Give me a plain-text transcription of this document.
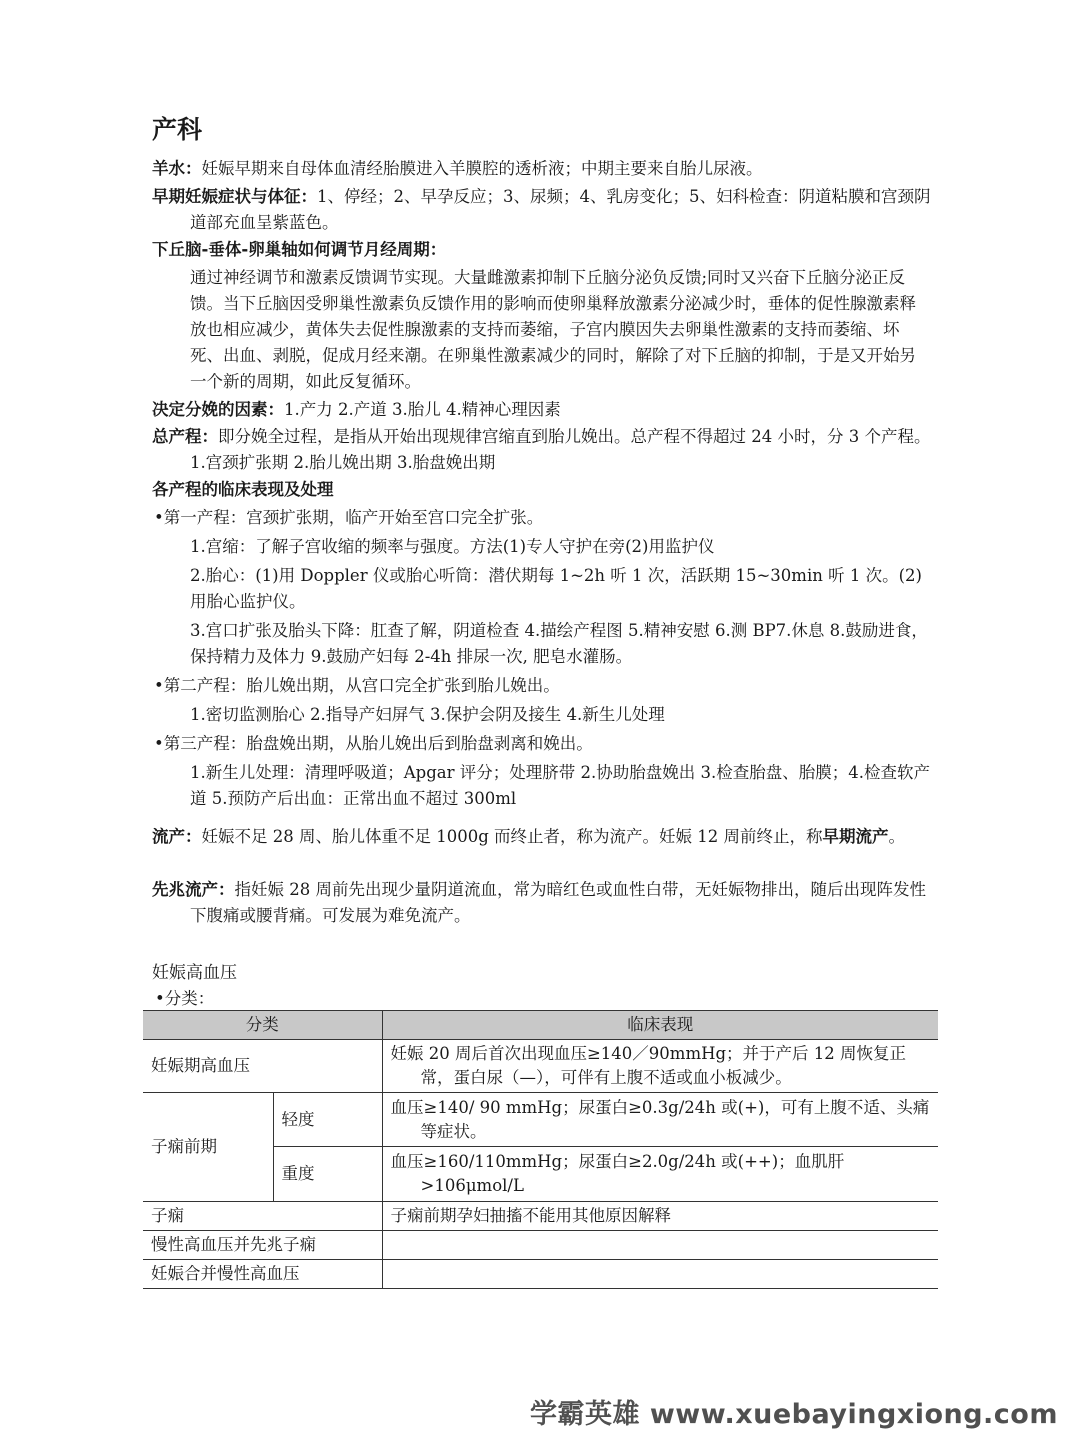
产科

羊水：妊娠早期来自母体血清经胎膜进入羊膜腔的透析液；中期主要来自胎儿尿液。

早期妊娠症状与体征：1、停经；2、早孕反应；3、尿频；4、乳房变化；5、妇科检查：阴道粘膜和宫颈阴道部充血呈紫蓝色。

下丘脑-垂体-卵巢轴如何调节月经周期：

通过神经调节和激素反馈调节实现。大量雌激素抑制下丘脑分泌负反馈;同时又兴奋下丘脑分泌正反馈。当下丘脑因受卵巢性激素负反馈作用的影响而使卵巢释放激素分泌减少时，垂体的促性腺激素释放也相应减少，黄体失去促性腺激素的支持而萎缩，子宫内膜因失去卵巢性激素的支持而萎缩、坏死、出血、剥脱，促成月经来潮。在卵巢性激素减少的同时，解除了对下丘脑的抑制，于是又开始另一个新的周期，如此反复循环。

决定分娩的因素：1.产力 2.产道 3.胎儿 4.精神心理因素

总产程：即分娩全过程，是指从开始出现规律宫缩直到胎儿娩出。总产程不得超过 24 小时，分 3 个产程。1.宫颈扩张期 2.胎儿娩出期 3.胎盘娩出期

各产程的临床表现及处理

•第一产程：宫颈扩张期，临产开始至宫口完全扩张。

1.宫缩：了解子宫收缩的频率与强度。方法(1)专人守护在旁(2)用监护仪

2.胎心：(1)用 Doppler 仪或胎心听筒：潜伏期每 1~2h 听 1 次，活跃期 15~30min 听 1 次。(2)用胎心监护仪。

3.宫口扩张及胎头下降：肛查了解，阴道检查 4.描绘产程图 5.精神安慰 6.测 BP7.休息 8.鼓励进食，保持精力及体力 9.鼓励产妇每 2-4h 排尿一次, 肥皂水灌肠。

•第二产程：胎儿娩出期，从宫口完全扩张到胎儿娩出。

1.密切监测胎心 2.指导产妇屏气 3.保护会阴及接生 4.新生儿处理

•第三产程：胎盘娩出期，从胎儿娩出后到胎盘剥离和娩出。

1.新生儿处理：清理呼吸道；Apgar 评分；处理脐带 2.协助胎盘娩出 3.检查胎盘、胎膜；4.检查软产道 5.预防产后出血：正常出血不超过 300ml

流产：妊娠不足 28 周、胎儿体重不足 1000g 而终止者，称为流产。妊娠 12 周前终止，称早期流产。

先兆流产：指妊娠 28 周前先出现少量阴道流血，常为暗红色或血性白带，无妊娠物排出，随后出现阵发性下腹痛或腰背痛。可发展为难免流产。

妊娠高血压
•分类：
分类		临床表现
妊娠期高血压		妊娠 20 周后首次出现血压≥140／90mmHg；并于产后 12 周恢复正常，蛋白尿（—），可伴有上腹不适或血小板减少。

子痫前期	轻度	血压≥140/ 90 mmHg；尿蛋白≥0.3g/24h 或(+)，可有上腹不适、头痛等症状。

	重度	血压≥160/110mmHg；尿蛋白≥2.0g/24h 或(++)；血肌肝>106μmol/L

子痫		子痫前期孕妇抽搐不能用其他原因解释
慢性高血压并先兆子痫		
妊娠合并慢性高血压		
学霸英雄 www.xuebayingxiong.com
